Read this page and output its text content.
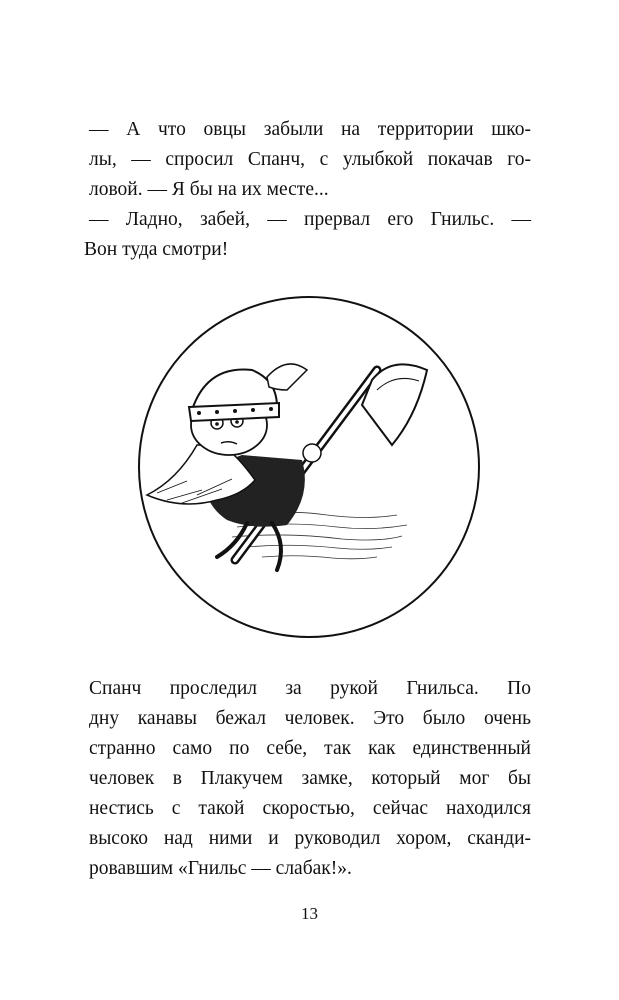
— А что овцы забыли на территории шко-
лы, — спросил Спанч, с улыбкой покачав го-
ловой. — Я бы на их месте...
— Ладно, забей, — прервал его Гнильс. —
Вон туда смотри!
Спанч проследил за рукой Гнильса. По
дну канавы бежал человек. Это было очень
странно само по себе, так как единственный
человек в Плакучем замке, который мог бы
нестись с такой скоростью, сейчас находился
высоко над ними и руководил хором, сканди-
ровавшим «Гнильс — слабак!».
13
